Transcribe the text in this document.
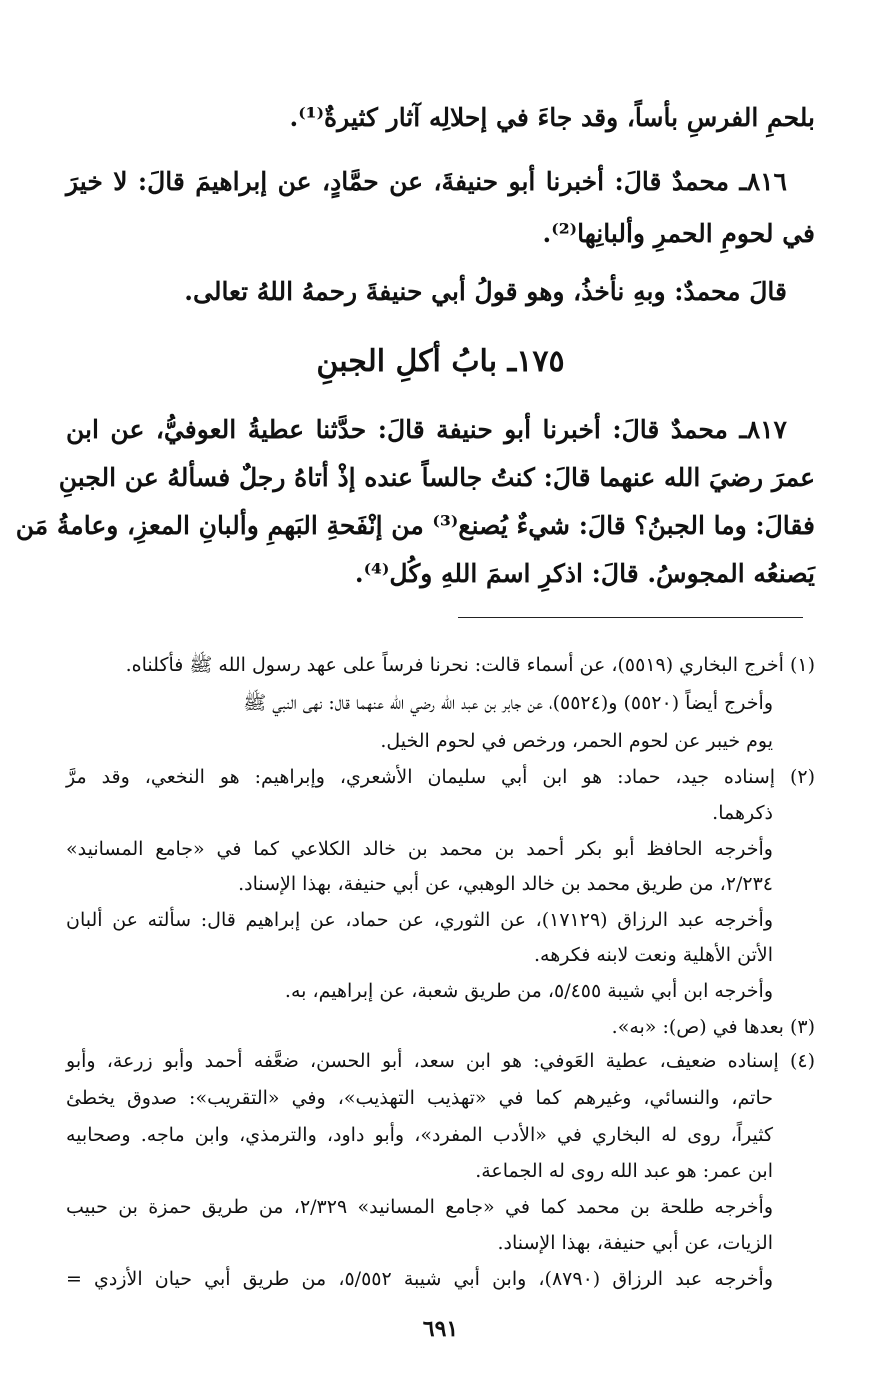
بلحمِ الفرسِ بأساً، وقد جاءَ في إحلالِه آثار كثيرةٌ⁽¹⁾.
٨١٦ـ محمدٌ قالَ: أخبرنا أبو حنيفةَ، عن حمَّادٍ، عن إبراهيمَ قالَ: لا خيرَ
في لحومِ الحمرِ وألبانِها⁽²⁾.
قالَ محمدٌ: وبهِ نأخذُ، وهو قولُ أبي حنيفةَ رحمهُ اللهُ تعالى.
١٧٥ـ بابُ أكلِ الجبنِ
٨١٧ـ محمدٌ قالَ: أخبرنا أبو حنيفة قالَ: حدَّثنا عطيةُ العوفيُّ، عن ابن
عمرَ رضيَ الله عنهما قالَ: كنتُ جالساً عنده إذْ أتاهُ رجلٌ فسألهُ عن الجبنِ
فقالَ: وما الجبنُ؟ قالَ: شيءٌ يُصنع⁽³⁾ من إنْفَحةِ البَهمِ وألبانِ المعزِ، وعامةُ مَن
يَصنعُه المجوسُ. قالَ: اذكرِ اسمَ اللهِ وكُل⁽⁴⁾.
(١) أخرج البخاري (٥٥١٩)، عن أسماء قالت: نحرنا فرساً على عهد رسول الله ﷺ فأكلناه.
وأخرج أيضاً (٥٥٢٠) و(٥٥٢٤)، عن جابر بن عبد الله رضي الله عنهما قال: نهى النبي ﷺ
يوم خيبر عن لحوم الحمر، ورخص في لحوم الخيل.
(٢) إسناده جيد، حماد: هو ابن أبي سليمان الأشعري، وإبراهيم: هو النخعي، وقد مرَّ
ذكرهما.
وأخرجه الحافظ أبو بكر أحمد بن محمد بن خالد الكلاعي كما في «جامع المسانيد»
٢/٢٣٤، من طريق محمد بن خالد الوهبي، عن أبي حنيفة، بهذا الإسناد.
وأخرجه عبد الرزاق (١٧١٢٩)، عن الثوري، عن حماد، عن إبراهيم قال: سألته عن ألبان
الأتن الأهلية ونعت لابنه فكرهه.
وأخرجه ابن أبي شيبة ٥/٤٥٥، من طريق شعبة، عن إبراهيم، به.
(٣) بعدها في (ص): «به».
(٤) إسناده ضعيف، عطية العَوفي: هو ابن سعد، أبو الحسن، ضعَّفه أحمد وأبو زرعة، وأبو
حاتم، والنسائي، وغيرهم كما في «تهذيب التهذيب»، وفي «التقريب»: صدوق يخطئ
كثيراً، روى له البخاري في «الأدب المفرد»، وأبو داود، والترمذي، وابن ماجه. وصحابيه
ابن عمر: هو عبد الله روى له الجماعة.
وأخرجه طلحة بن محمد كما في «جامع المسانيد» ٢/٣٢٩، من طريق حمزة بن حبيب
الزيات، عن أبي حنيفة، بهذا الإسناد.
وأخرجه عبد الرزاق (٨٧٩٠)، وابن أبي شيبة ٥/٥٥٢، من طريق أبي حيان الأزدي =
٦٩١
